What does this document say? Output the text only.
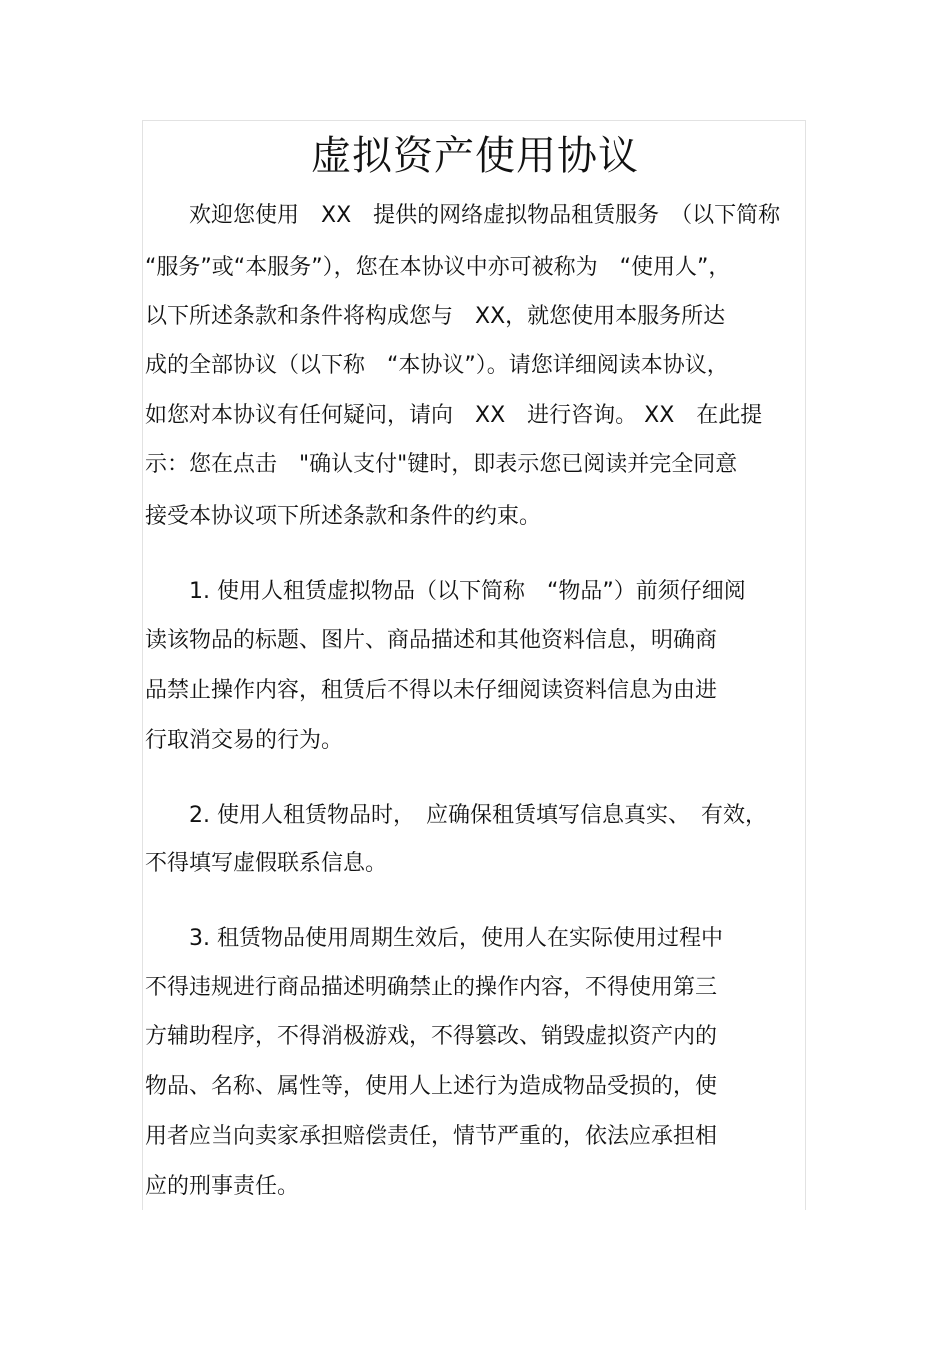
虚拟资产使用协议

　　欢迎您使用　XX　提供的网络虚拟物品租赁服务　（以下简称

“服务”或“本服务”），您在本协议中亦可被称为　“使用人”，

以下所述条款和条件将构成您与　XX，就您使用本服务所达

成的全部协议（以下称　“本协议”）。请您详细阅读本协议，

如您对本协议有任何疑问，请向　XX　进行咨询。 XX　在此提

示：您在点击　"确认支付"键时，即表示您已阅读并完全同意

接受本协议项下所述条款和条件的约束。

　　1. 使用人租赁虚拟物品（以下简称　“物品”）前须仔细阅

读该物品的标题、图片、商品描述和其他资料信息，明确商

品禁止操作内容，租赁后不得以未仔细阅读资料信息为由进

行取消交易的行为。

　　2. 使用人租赁物品时，　应确保租赁填写信息真实、　有效，

不得填写虚假联系信息。

　　3. 租赁物品使用周期生效后，使用人在实际使用过程中

不得违规进行商品描述明确禁止的操作内容，不得使用第三

方辅助程序，不得消极游戏，不得篡改、销毁虚拟资产内的

物品、名称、属性等，使用人上述行为造成物品受损的，使

用者应当向卖家承担赔偿责任，情节严重的，依法应承担相

应的刑事责任。
